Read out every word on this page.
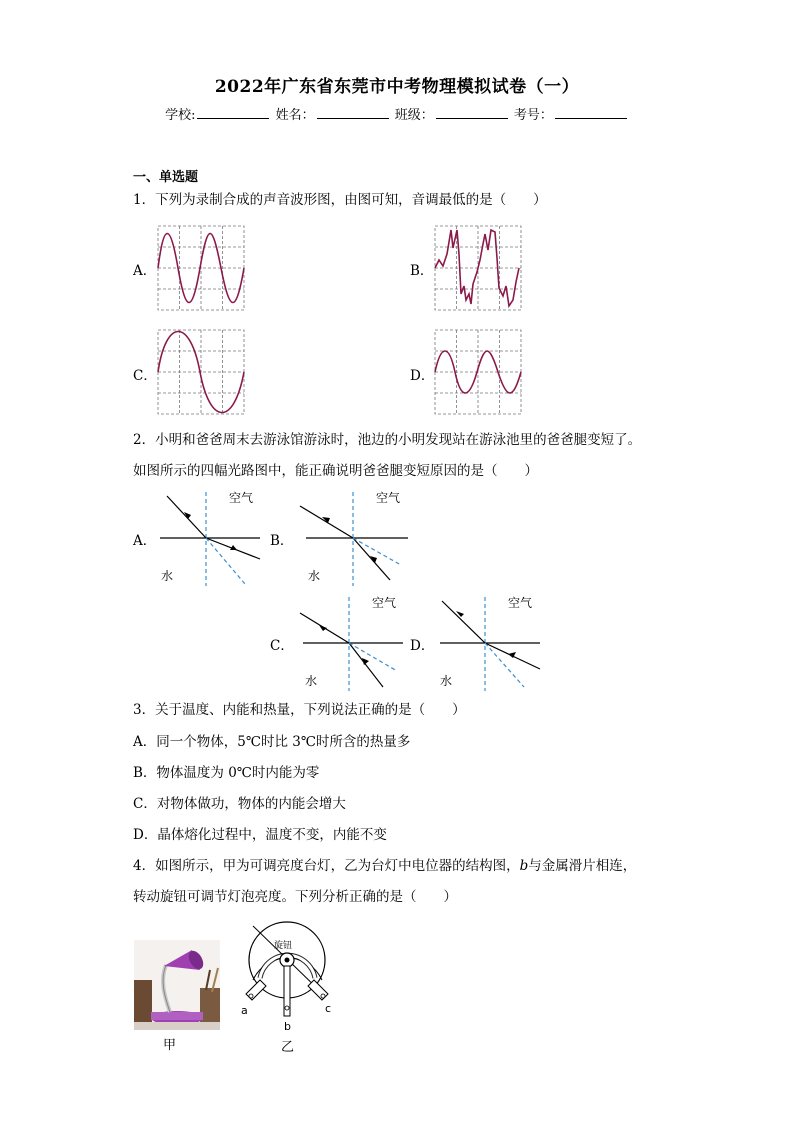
2022年广东省东莞市中考物理模拟试卷（一）
学校:	姓名：	班级：	考号：
一、单选题
1．下列为录制合成的声音波形图，由图可知，音调最低的是（　　）
A．	B．
C．	D．
2．小明和爸爸周末去游泳馆游泳时，池边的小明发现站在游泳池里的爸爸腿变短了。
如图所示的四幅光路图中，能正确说明爸爸腿变短原因的是（　　）
A．
空气
水
B．
空气
水
C．
空气
水
D．
空气
水
3．关于温度、内能和热量，下列说法正确的是（　　）
A．同一个物体，5℃时比 3℃时所含的热量多
B．物体温度为 0℃时内能为零
C．对物体做功，物体的内能会增大
D．晶体熔化过程中，温度不变，内能不变
4．如图所示，甲为可调亮度台灯，乙为台灯中电位器的结构图，b与金属滑片相连，
转动旋钮可调节灯泡亮度。下列分析正确的是（　　）
甲
旋钮
a
b
c
乙
